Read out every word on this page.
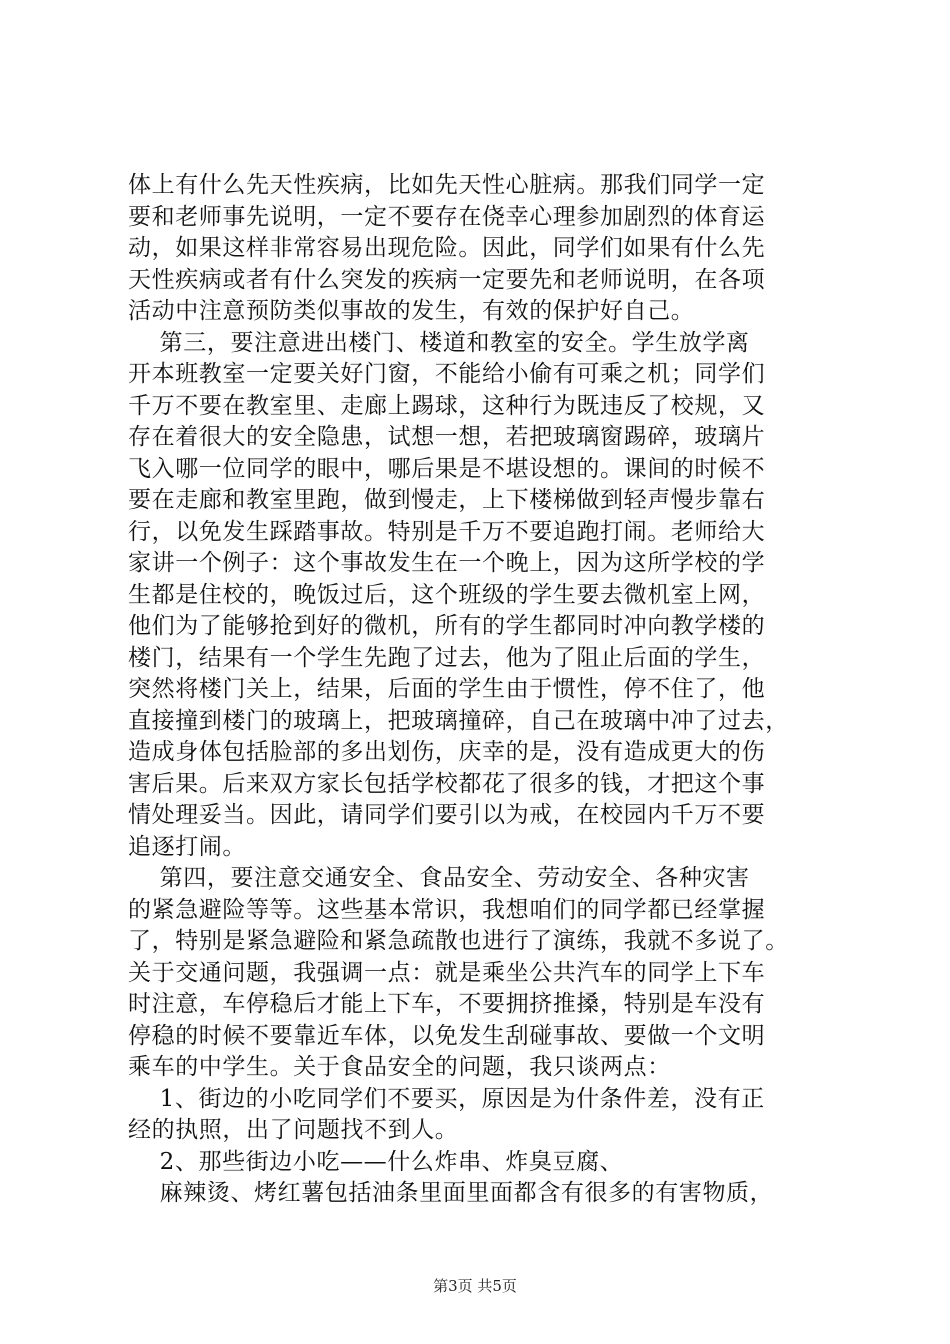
体上有什么先天性疾病，比如先天性心脏病。那我们同学一定
要和老师事先说明，一定不要存在侥幸心理参加剧烈的体育运
动，如果这样非常容易出现危险。因此，同学们如果有什么先
天性疾病或者有什么突发的疾病一定要先和老师说明，在各项
活动中注意预防类似事故的发生，有效的保护好自己。
第三，要注意进出楼门、楼道和教室的安全。学生放学离
开本班教室一定要关好门窗，不能给小偷有可乘之机；同学们
千万不要在教室里、走廊上踢球，这种行为既违反了校规，又
存在着很大的安全隐患，试想一想，若把玻璃窗踢碎，玻璃片
飞入哪一位同学的眼中，哪后果是不堪设想的。课间的时候不
要在走廊和教室里跑，做到慢走，上下楼梯做到轻声慢步靠右
行，以免发生踩踏事故。特别是千万不要追跑打闹。老师给大
家讲一个例子：这个事故发生在一个晚上，因为这所学校的学
生都是住校的，晚饭过后，这个班级的学生要去微机室上网，
他们为了能够抢到好的微机，所有的学生都同时冲向教学楼的
楼门，结果有一个学生先跑了过去，他为了阻止后面的学生，
突然将楼门关上，结果，后面的学生由于惯性，停不住了，他
直接撞到楼门的玻璃上，把玻璃撞碎，自己在玻璃中冲了过去，
造成身体包括脸部的多出划伤，庆幸的是，没有造成更大的伤
害后果。后来双方家长包括学校都花了很多的钱，才把这个事
情处理妥当。因此，请同学们要引以为戒，在校园内千万不要
追逐打闹。
第四，要注意交通安全、食品安全、劳动安全、各种灾害
的紧急避险等等。这些基本常识，我想咱们的同学都已经掌握
了，特别是紧急避险和紧急疏散也进行了演练，我就不多说了。
关于交通问题，我强调一点：就是乘坐公共汽车的同学上下车
时注意，车停稳后才能上下车，不要拥挤推搡，特别是车没有
停稳的时候不要靠近车体，以免发生刮碰事故、要做一个文明
乘车的中学生。关于食品安全的问题，我只谈两点：
1、街边的小吃同学们不要买，原因是为什条件差，没有正
经的执照，出了问题找不到人。
2、那些街边小吃——什么炸串、炸臭豆腐、
麻辣烫、烤红薯包括油条里面里面都含有很多的有害物质，
第3页 共5页
